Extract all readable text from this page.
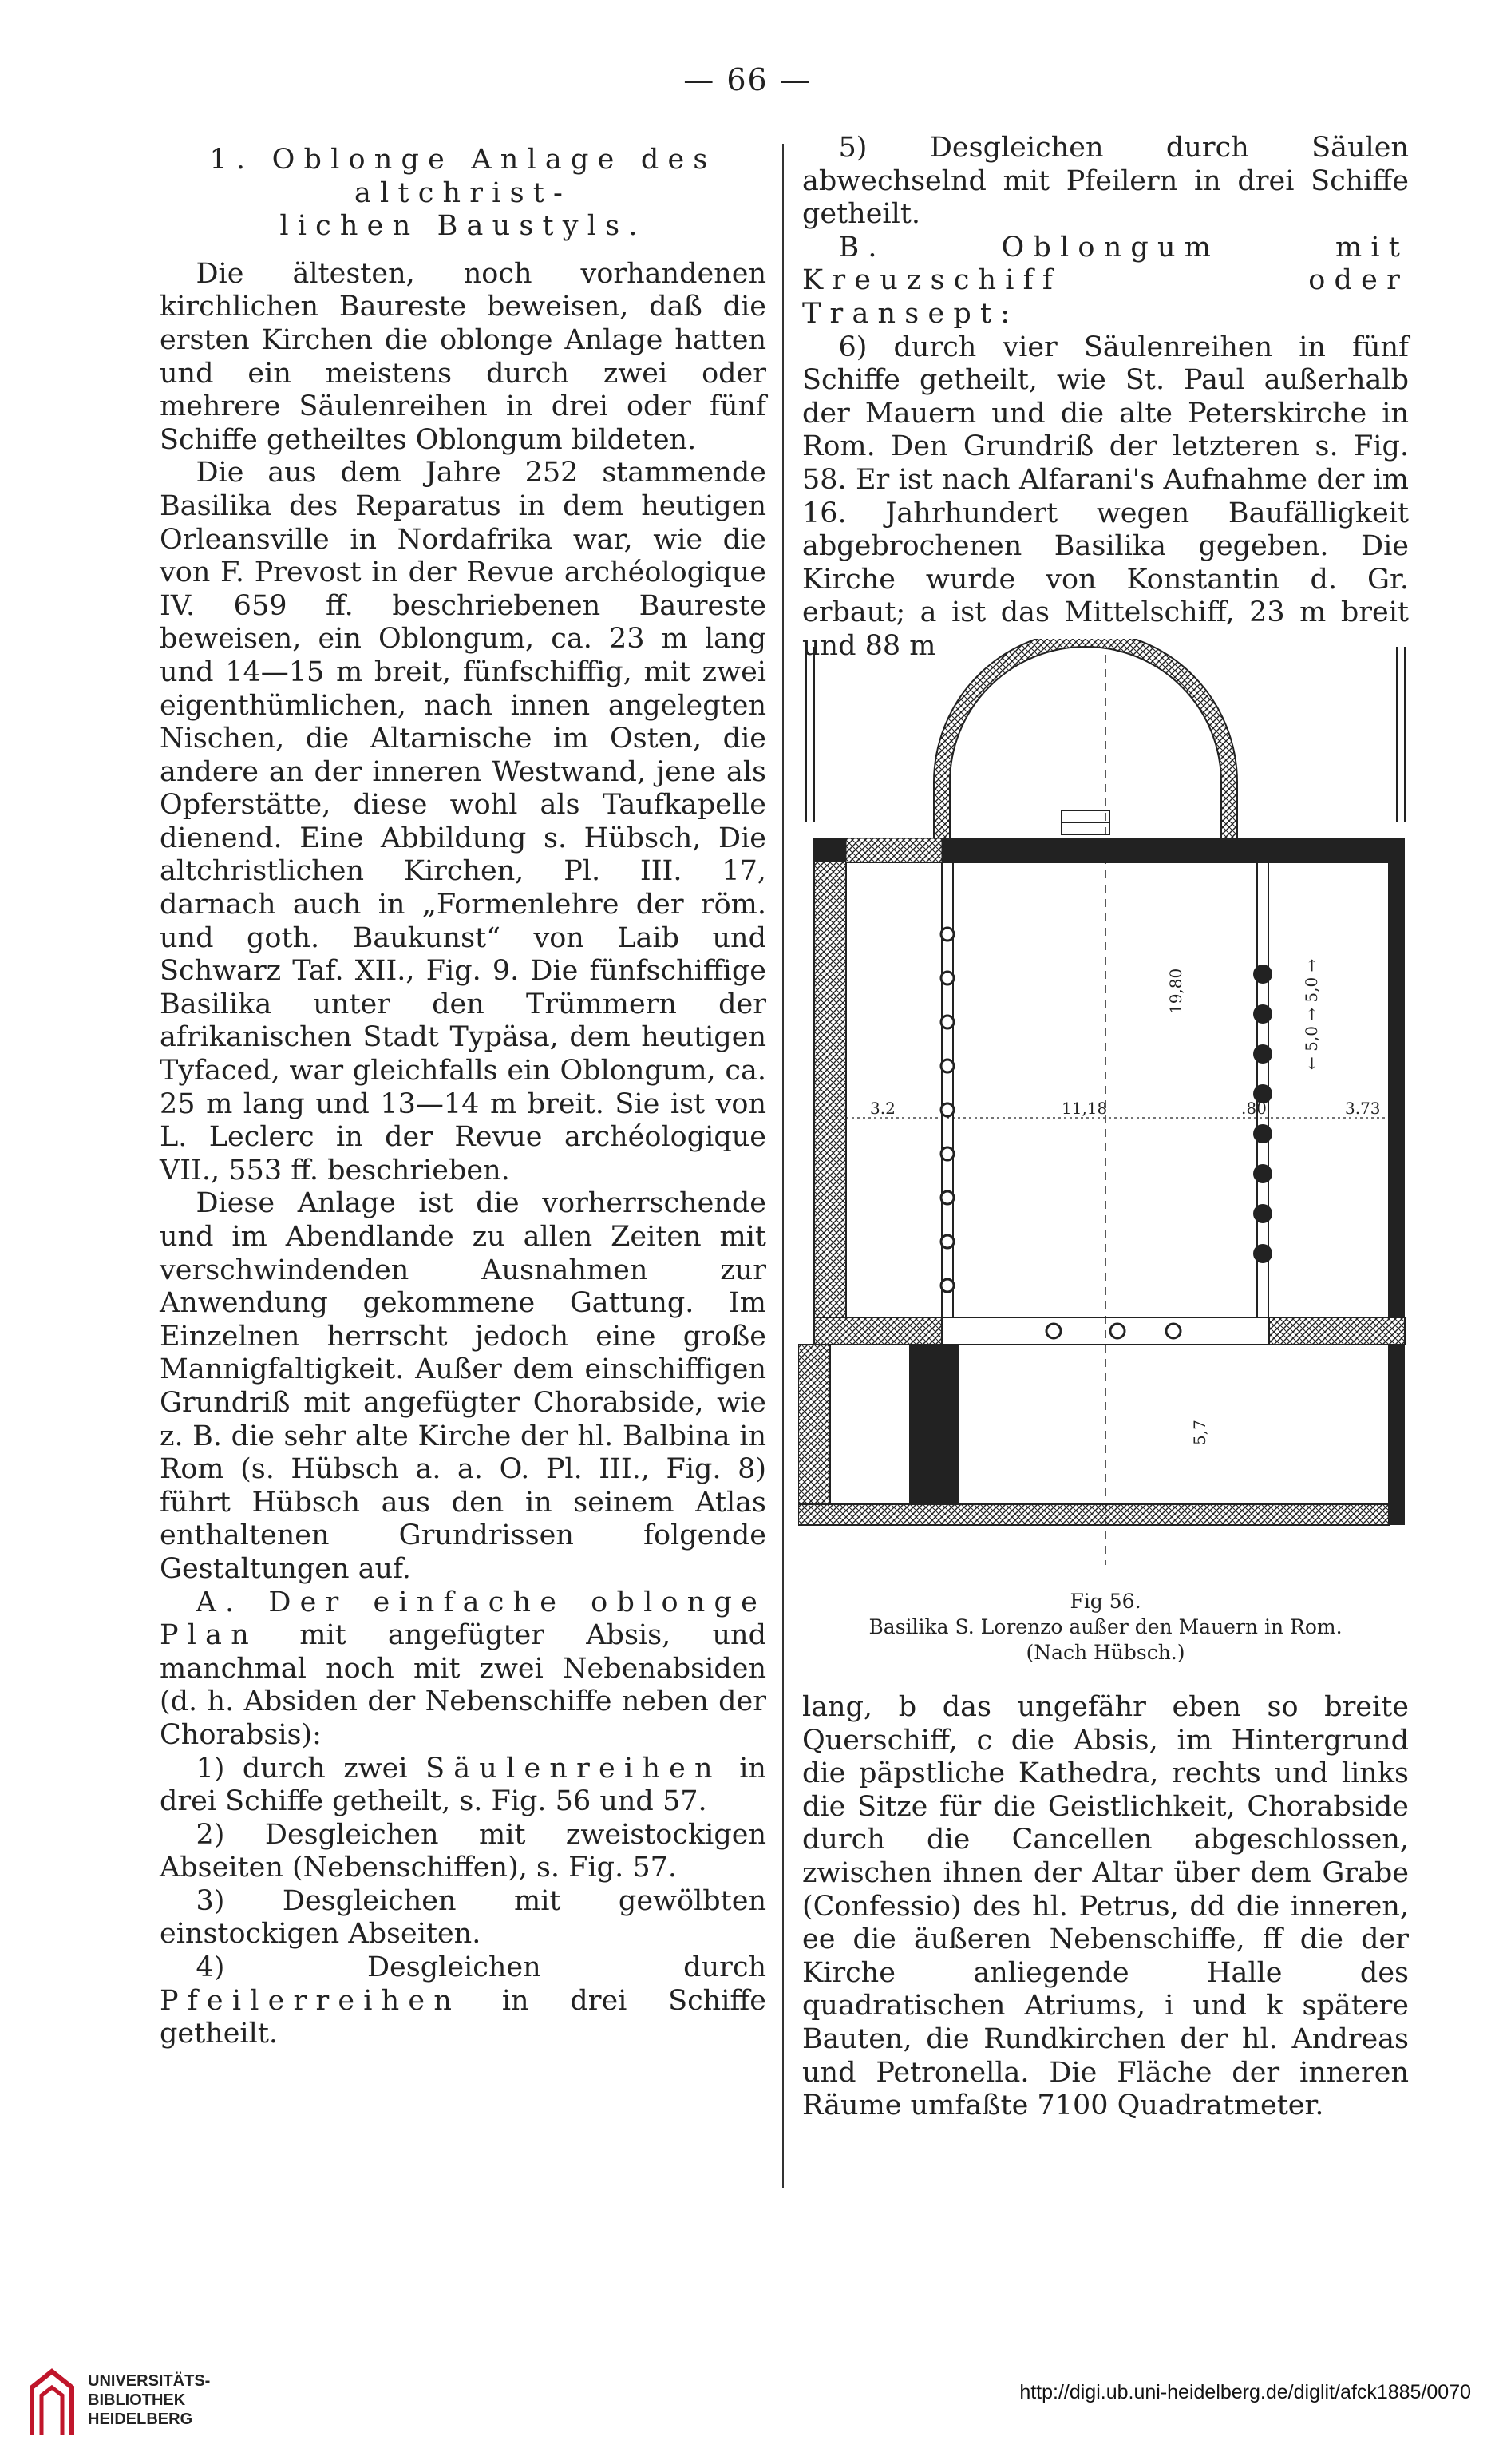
— 66 —

1. Oblonge Anlage des altchrist-
lichen Baustyls.

Die ältesten, noch vorhandenen kirchlichen Baureste beweisen, daß die ersten Kirchen die oblonge Anlage hatten und ein meistens durch zwei oder mehrere Säulenreihen in drei oder fünf Schiffe getheiltes Oblongum bildeten.

Die aus dem Jahre 252 stammende Basilika des Reparatus in dem heutigen Orleansville in Nordafrika war, wie die von F. Prevost in der Revue archéologique IV. 659 ff. beschriebenen Baureste beweisen, ein Oblongum, ca. 23 m lang und 14—15 m breit, fünfschiffig, mit zwei eigenthümlichen, nach innen angelegten Nischen, die Altarnische im Osten, die andere an der inneren Westwand, jene als Opferstätte, diese wohl als Taufkapelle dienend. Eine Abbildung s. Hübsch, Die altchristlichen Kirchen, Pl. III. 17, darnach auch in „Formenlehre der röm. und goth. Baukunst“ von Laib und Schwarz Taf. XII., Fig. 9. Die fünfschiffige Basilika unter den Trümmern der afrikanischen Stadt Typäsa, dem heutigen Tyfaced, war gleichfalls ein Oblongum, ca. 25 m lang und 13—14 m breit. Sie ist von L. Leclerc in der Revue archéologique VII., 553 ff. beschrieben.

Diese Anlage ist die vorherrschende und im Abendlande zu allen Zeiten mit verschwindenden Ausnahmen zur Anwendung gekommene Gattung. Im Einzelnen herrscht jedoch eine große Mannigfaltigkeit. Außer dem einschiffigen Grundriß mit angefügter Chorabside, wie z. B. die sehr alte Kirche der hl. Balbina in Rom (s. Hübsch a. a. O. Pl. III., Fig. 8) führt Hübsch aus den in seinem Atlas enthaltenen Grundrissen folgende Gestaltungen auf.

A. Der einfache oblonge Plan mit angefügter Absis, und manchmal noch mit zwei Nebenabsiden (d. h. Absiden der Nebenschiffe neben der Chorabsis):

1) durch zwei Säulenreihen in drei Schiffe getheilt, s. Fig. 56 und 57.

2) Desgleichen mit zweistockigen Abseiten (Nebenschiffen), s. Fig. 57.

3) Desgleichen mit gewölbten einstockigen Abseiten.

4) Desgleichen durch Pfeilerreihen in drei Schiffe getheilt.

5) Desgleichen durch Säulen abwechselnd mit Pfeilern in drei Schiffe getheilt.

B. Oblongum mit Kreuzschiff oder Transept:

6) durch vier Säulenreihen in fünf Schiffe getheilt, wie St. Paul außerhalb der Mauern und die alte Peterskirche in Rom. Den Grundriß der letzteren s. Fig. 58. Er ist nach Alfarani's Aufnahme der im 16. Jahrhundert wegen Baufälligkeit abgebrochenen Basilika gegeben. Die Kirche wurde von Konstantin d. Gr. erbaut; a ist das Mittelschiff, 23 m breit und 88 m

3.2	11,18	.80	3.73
19,80	← 5,0 → 5,0 →
5,7
Fig 56.
Basilika S. Lorenzo außer den Mauern in Rom.
(Nach Hübsch.)

lang, b das ungefähr eben so breite Querschiff, c die Absis, im Hintergrund die päpstliche Kathedra, rechts und links die Sitze für die Geistlichkeit, Chorabside durch die Cancellen abgeschlossen, zwischen ihnen der Altar über dem Grabe (Confessio) des hl. Petrus, dd die inneren, ee die äußeren Nebenschiffe, ff die der Kirche anliegende Halle des quadratischen Atriums, i und k spätere Bauten, die Rundkirchen der hl. Andreas und Petronella. Die Fläche der inneren Räume umfaßte 7100 Quadratmeter.

UNIVERSITÄTS-
BIBLIOTHEK
HEIDELBERG
http://digi.ub.uni-heidelberg.de/diglit/afck1885/0070
